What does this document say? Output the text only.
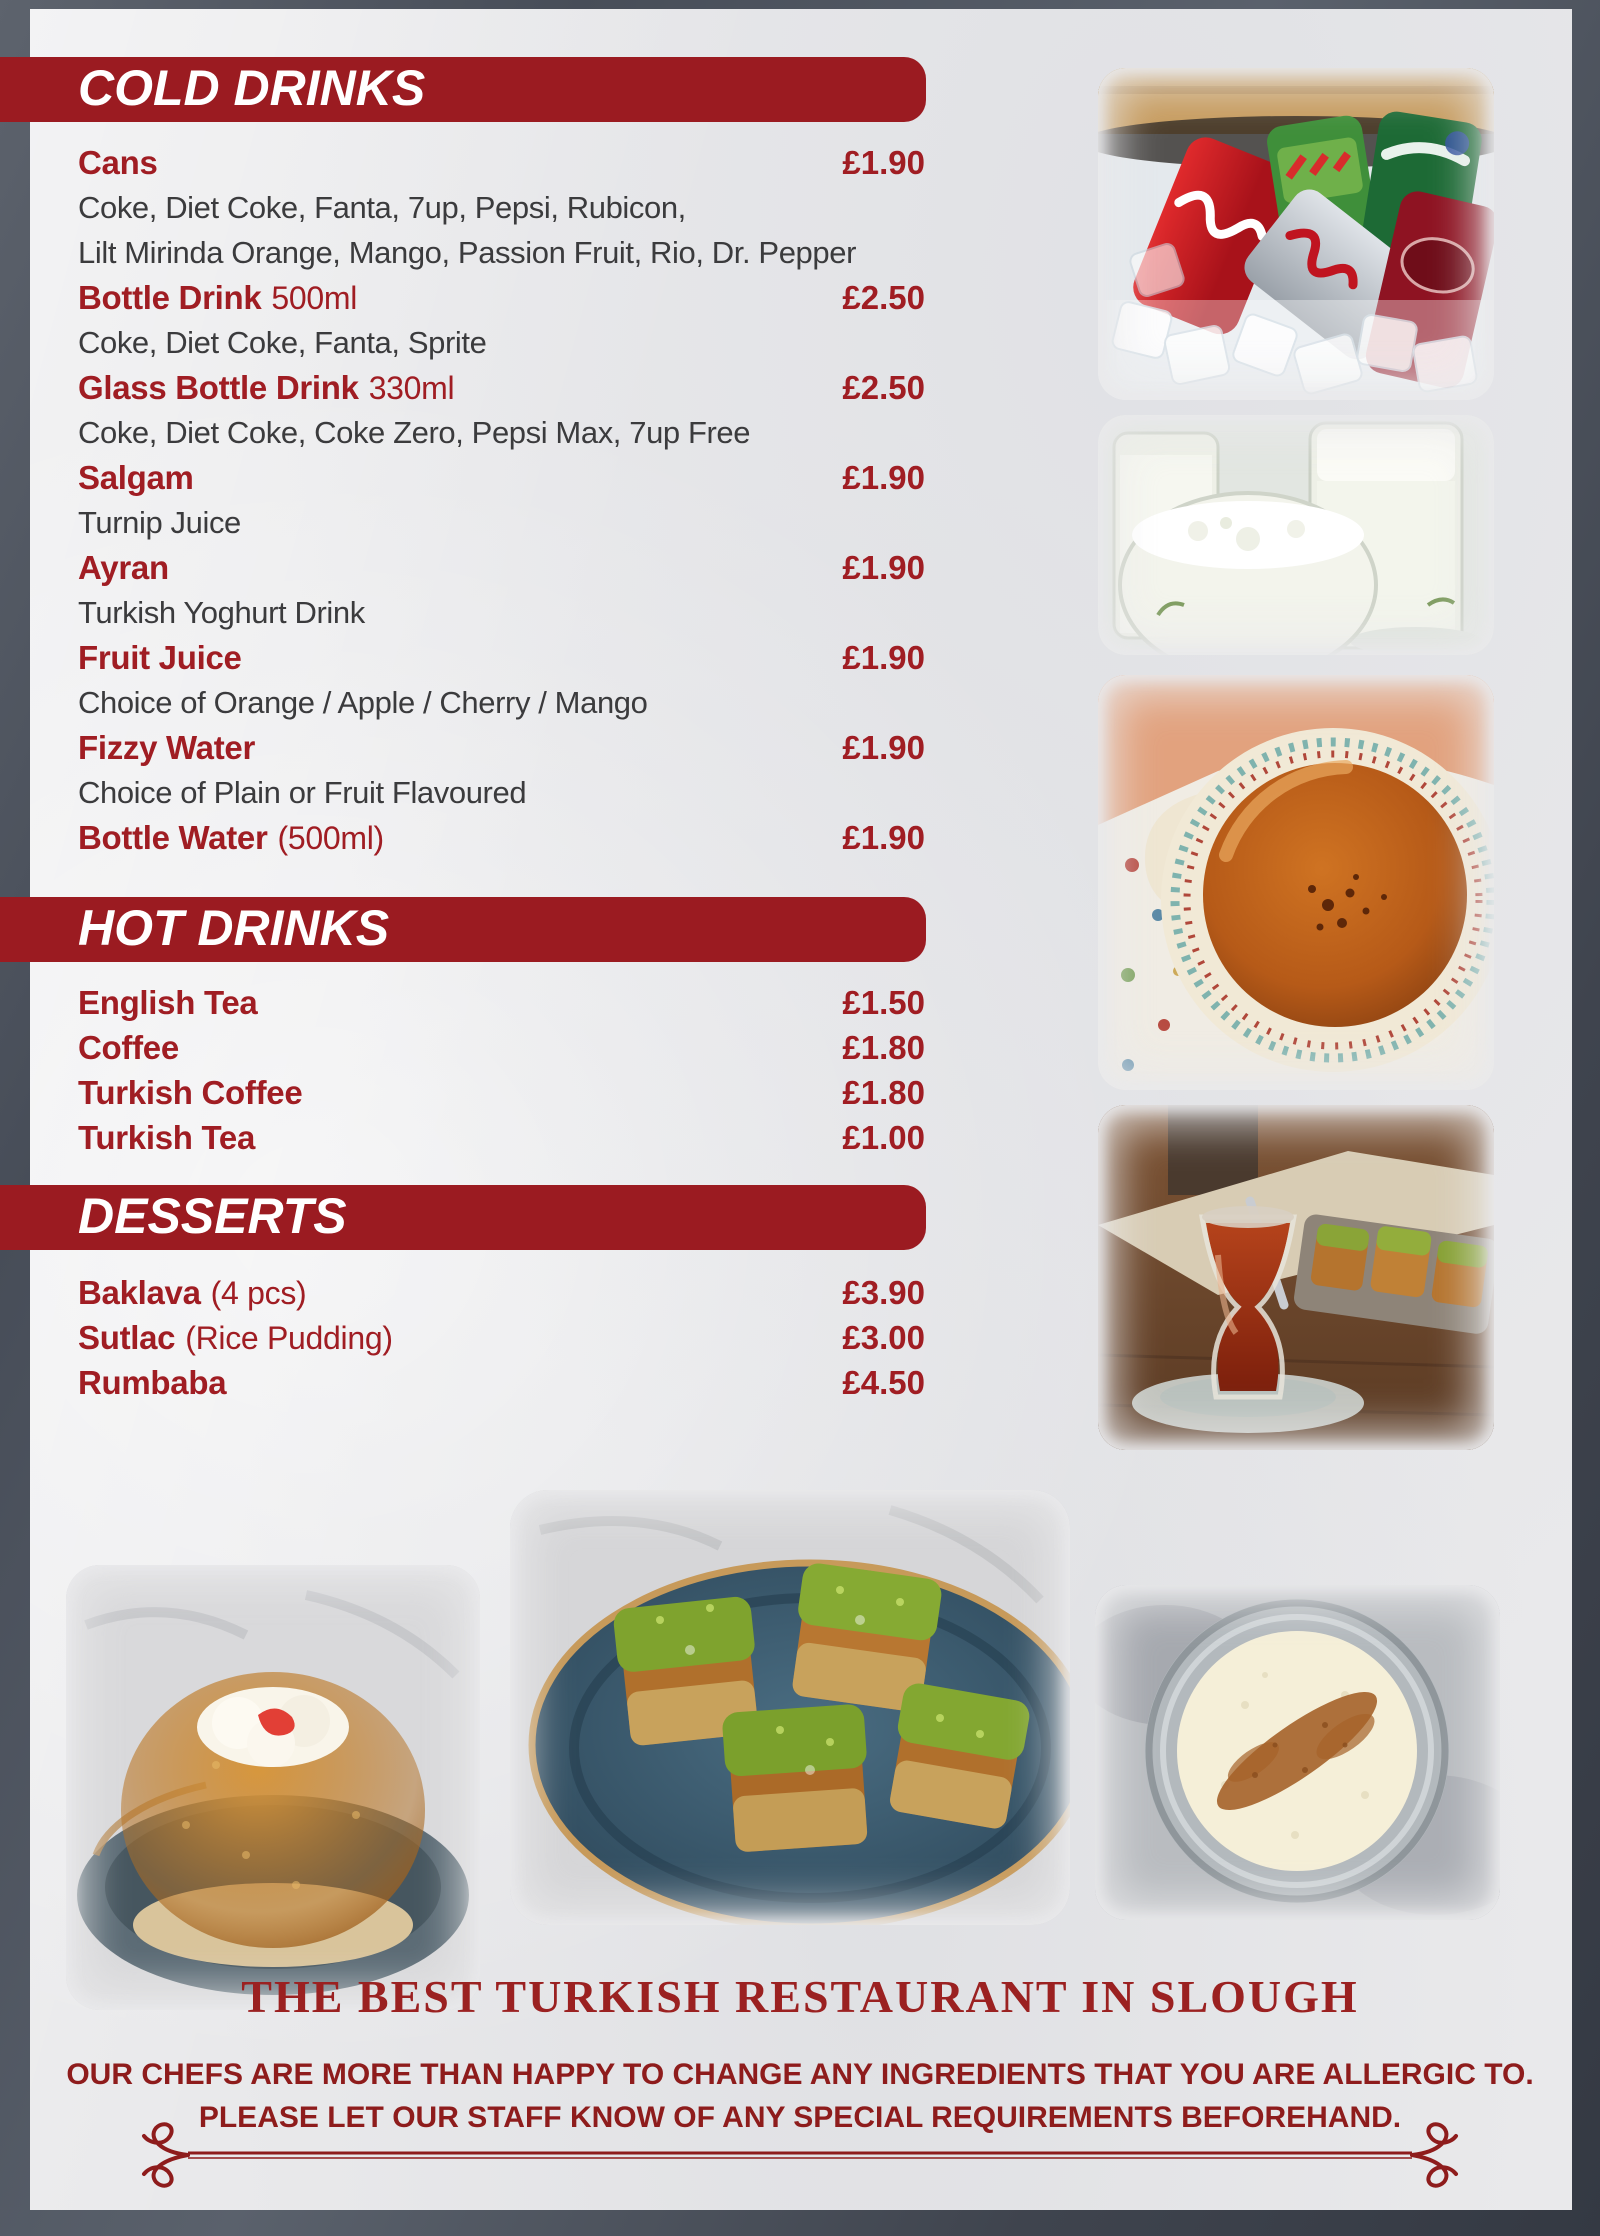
COLD DRINKS
HOT DRINKS
DESSERTS
Cans	£1.90
Coke, Diet Coke, Fanta, 7up, Pepsi, Rubicon,
Lilt Mirinda Orange, Mango, Passion Fruit, Rio, Dr. Pepper
Bottle Drink 500ml	£2.50
Coke, Diet Coke, Fanta, Sprite
Glass Bottle Drink 330ml	£2.50
Coke, Diet Coke, Coke Zero, Pepsi Max, 7up Free
Salgam	£1.90
Turnip Juice
Ayran	£1.90
Turkish Yoghurt Drink
Fruit Juice	£1.90
Choice of Orange / Apple / Cherry / Mango
Fizzy Water	£1.90
Choice of Plain or Fruit Flavoured
Bottle Water (500ml)	£1.90
English Tea	£1.50
Coffee	£1.80
Turkish Coffee	£1.80
Turkish Tea	£1.00
Baklava (4 pcs)	£3.90
Sutlac (Rice Pudding)	£3.00
Rumbaba	£4.50
THE BEST TURKISH RESTAURANT IN SLOUGH
OUR CHEFS ARE MORE THAN HAPPY TO CHANGE ANY INGREDIENTS THAT YOU ARE ALLERGIC TO.
PLEASE LET OUR STAFF KNOW OF ANY SPECIAL REQUIREMENTS BEFOREHAND.
